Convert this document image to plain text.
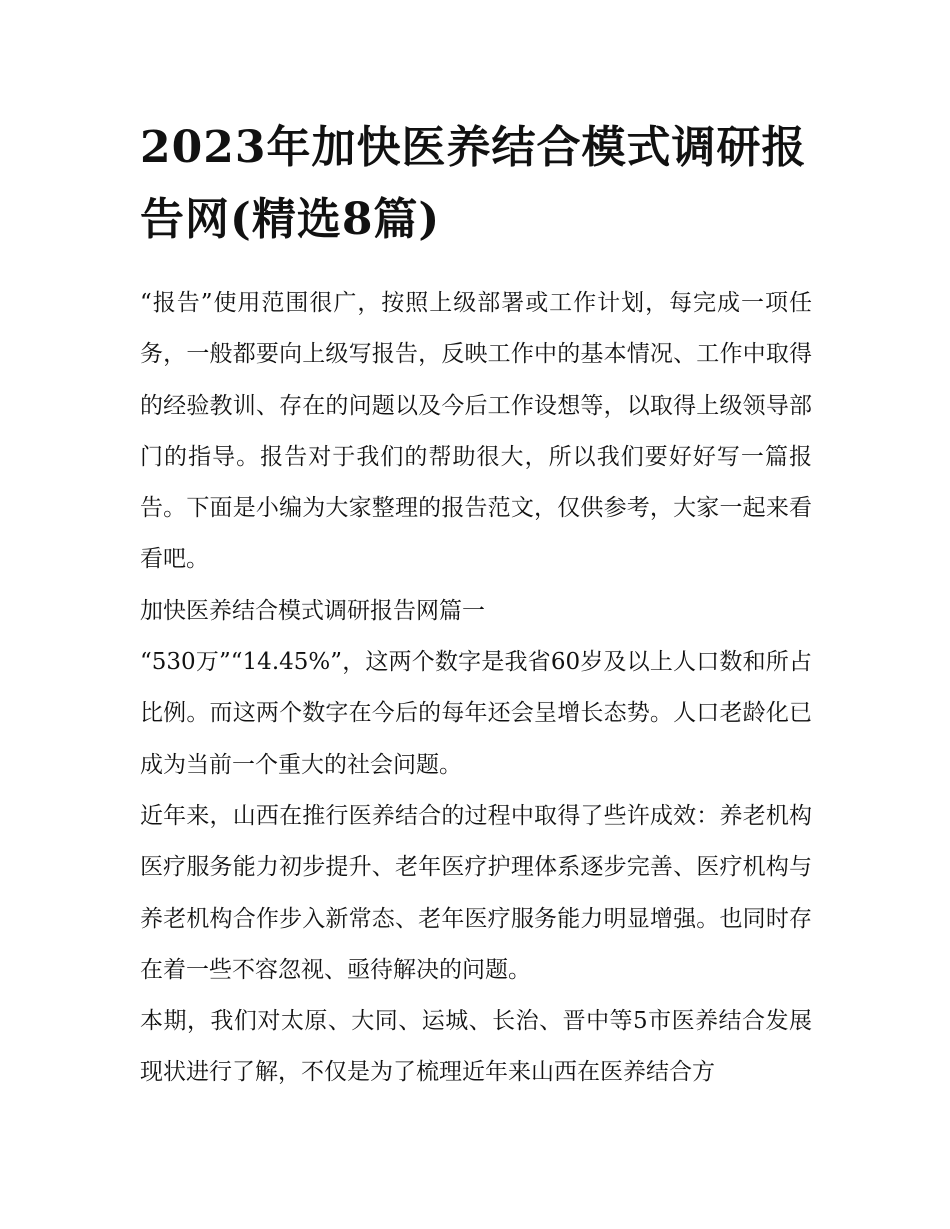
2023年加快医养结合模式调研报告网(精选8篇)

“报告”使用范围很广，按照上级部署或工作计划，每完成一项任务，一般都要向上级写报告，反映工作中的基本情况、工作中取得的经验教训、存在的问题以及今后工作设想等，以取得上级领导部门的指导。报告对于我们的帮助很大，所以我们要好好写一篇报告。下面是小编为大家整理的报告范文，仅供参考，大家一起来看看吧。

加快医养结合模式调研报告网篇一

“530万”“14.45%”，这两个数字是我省60岁及以上人口数和所占比例。而这两个数字在今后的每年还会呈增长态势。人口老龄化已成为当前一个重大的社会问题。

近年来，山西在推行医养结合的过程中取得了些许成效：养老机构医疗服务能力初步提升、老年医疗护理体系逐步完善、医疗机构与养老机构合作步入新常态、老年医疗服务能力明显增强。也同时存在着一些不容忽视、亟待解决的问题。

本期，我们对太原、大同、运城、长治、晋中等5市医养结合发展现状进行了解，不仅是为了梳理近年来山西在医养结合方
